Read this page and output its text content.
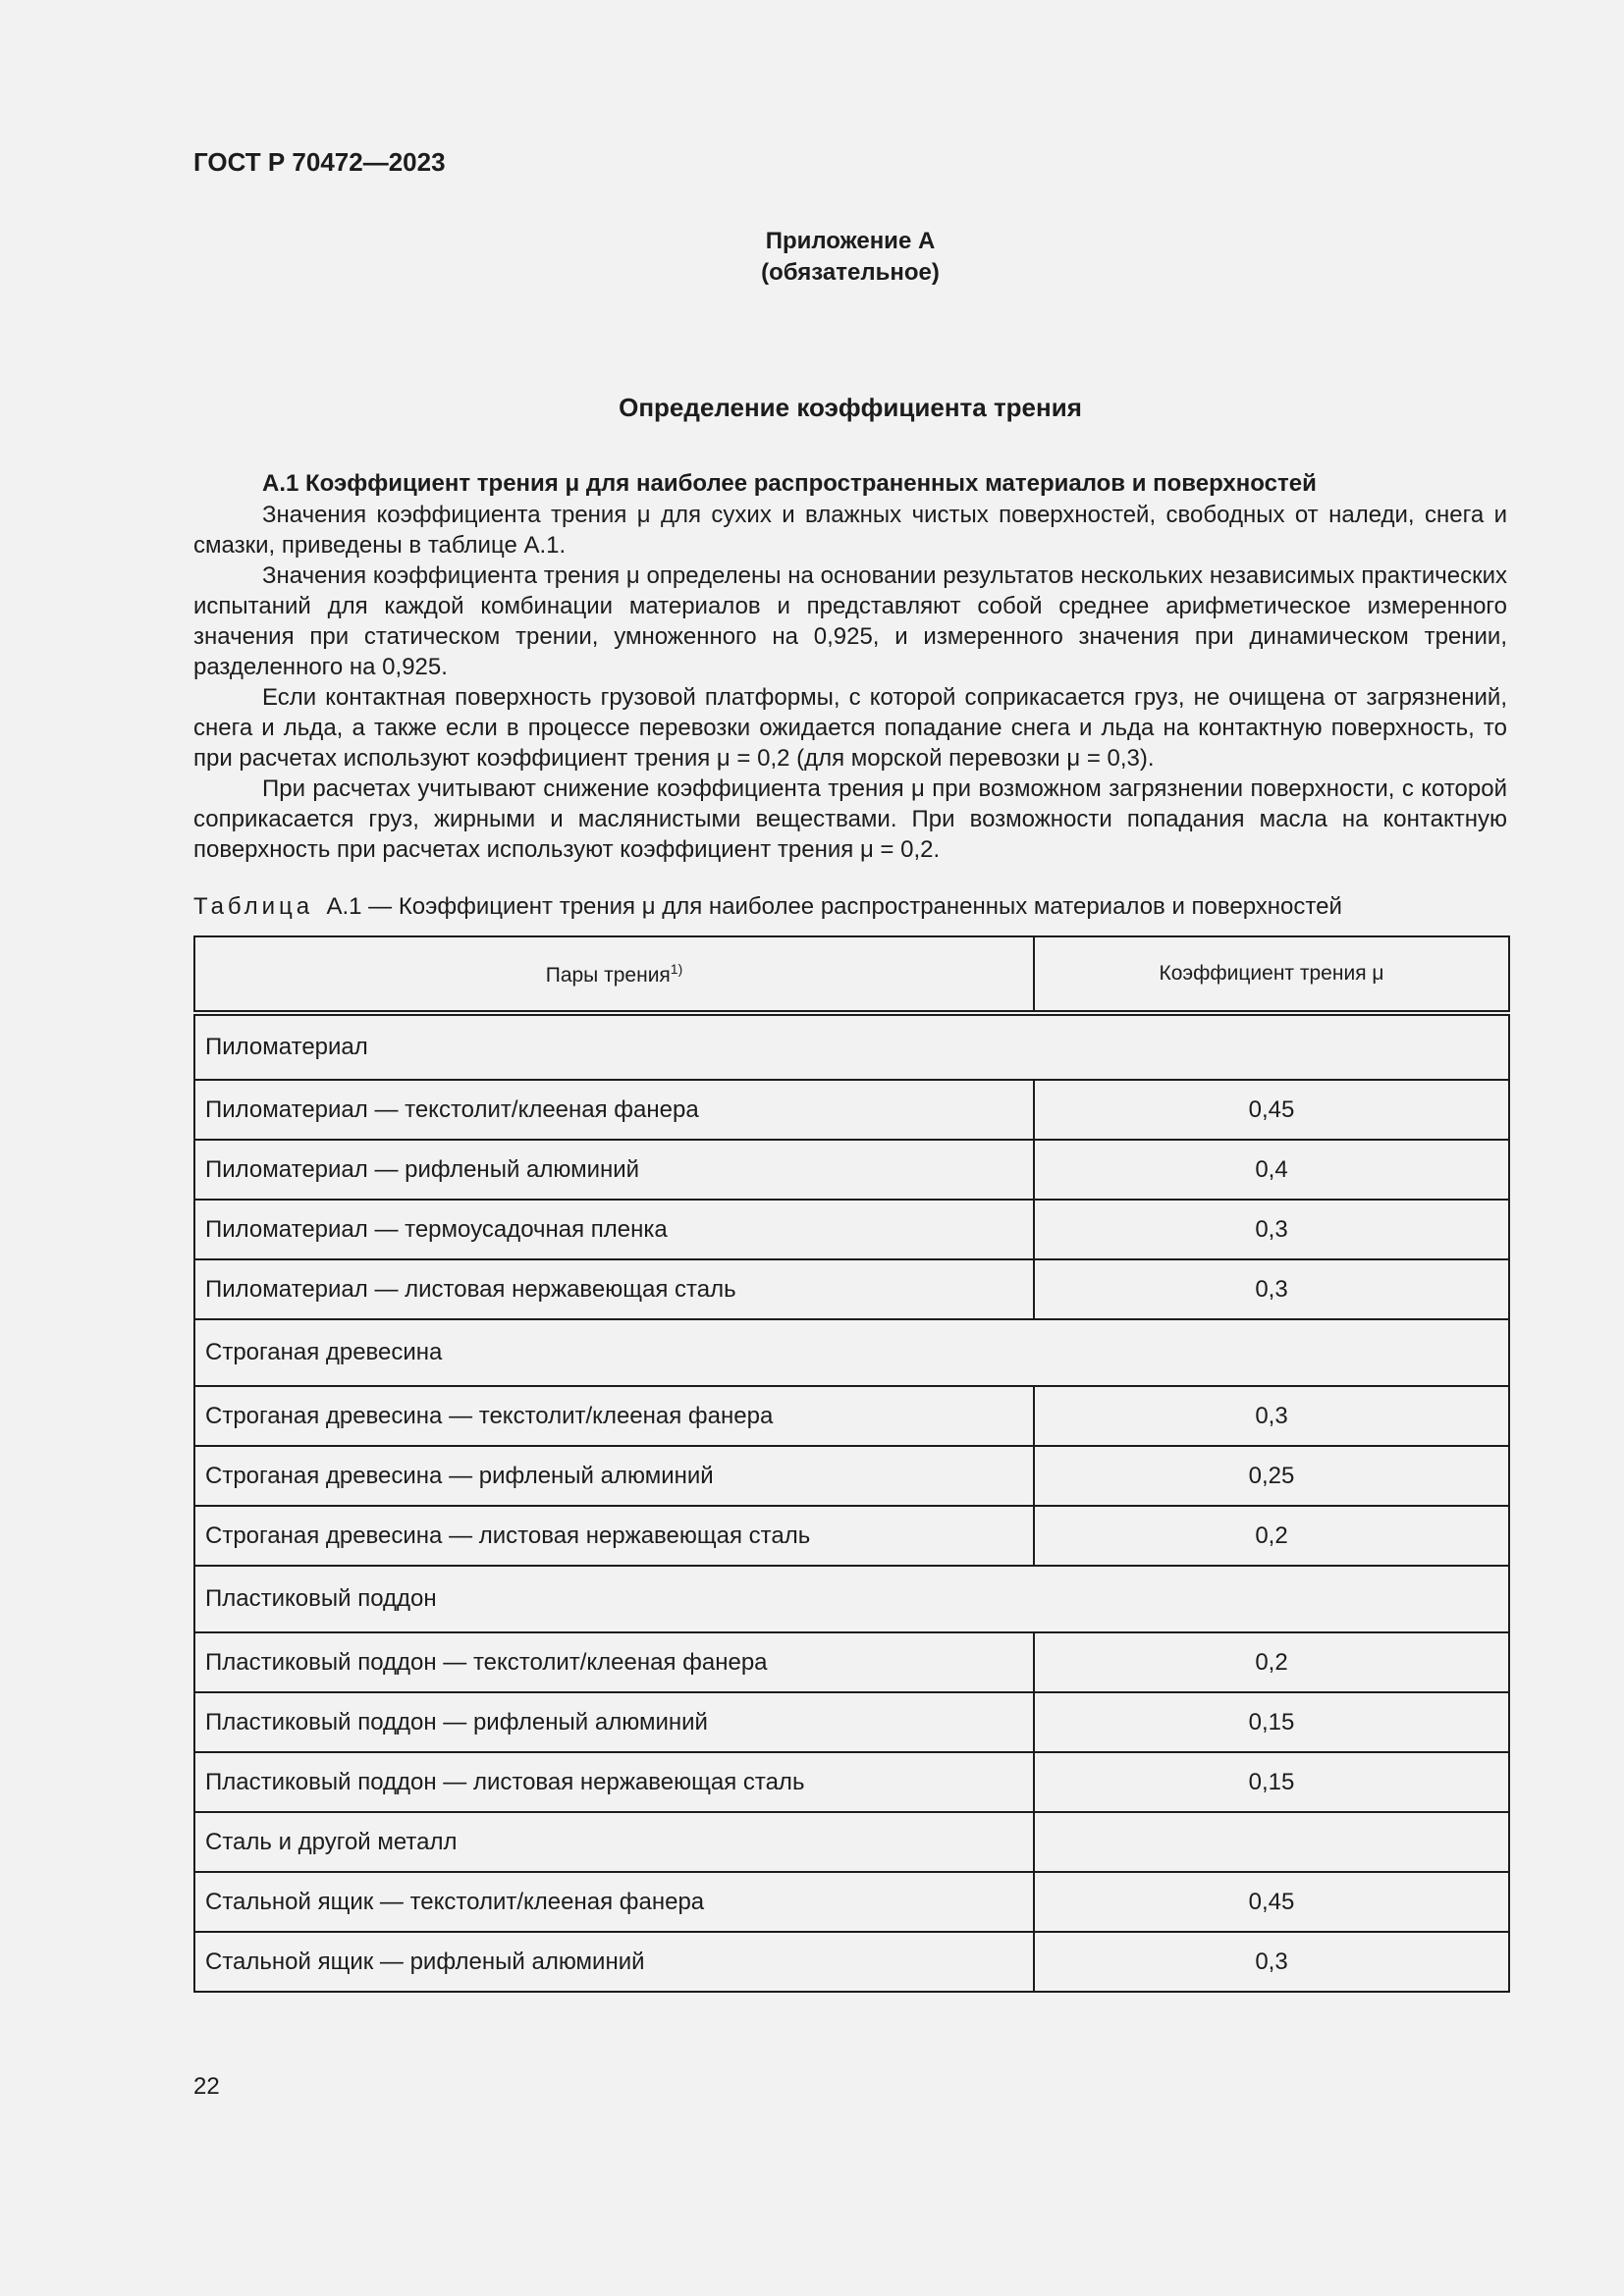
ГОСТ Р 70472—2023
Приложение А
(обязательное)
Определение коэффициента трения
А.1 Коэффициент трения μ для наиболее распространенных материалов и поверхностей

Значения коэффициента трения μ для сухих и влажных чистых поверхностей, свободных от наледи, снега и смазки, приведены в таблице А.1.

Значения коэффициента трения μ определены на основании результатов нескольких независимых практических испытаний для каждой комбинации материалов и представляют собой среднее арифметическое измеренного значения при статическом трении, умноженного на 0,925, и измеренного значения при динамическом трении, разделенного на 0,925.

Если контактная поверхность грузовой платформы, с которой соприкасается груз, не очищена от загрязнений, снега и льда, а также если в процессе перевозки ожидается попадание снега и льда на контактную поверхность, то при расчетах используют коэффициент трения μ = 0,2 (для морской перевозки μ = 0,3).

При расчетах учитывают снижение коэффициента трения μ при возможном загрязнении поверхности, с которой соприкасается груз, жирными и маслянистыми веществами. При возможности попадания масла на контактную поверхность при расчетах используют коэффициент трения μ = 0,2.

Таблица А.1 — Коэффициент трения μ для наиболее распространенных материалов и поверхностей
Пары трения$^{1)}$	Коэффициент трения μ
Пиломатериал	
Пиломатериал — текстолит/клееная фанера	0,45
Пиломатериал — рифленый алюминий	0,4
Пиломатериал — термоусадочная пленка	0,3
Пиломатериал — листовая нержавеющая сталь	0,3
Строганая древесина	
Строганая древесина — текстолит/клееная фанера	0,3
Строганая древесина — рифленый алюминий	0,25
Строганая древесина — листовая нержавеющая сталь	0,2
Пластиковый поддон	
Пластиковый поддон — текстолит/клееная фанера	0,2
Пластиковый поддон — рифленый алюминий	0,15
Пластиковый поддон — листовая нержавеющая сталь	0,15
Сталь и другой металл	
Стальной ящик — текстолит/клееная фанера	0,45
Стальной ящик — рифленый алюминий	0,3
22
